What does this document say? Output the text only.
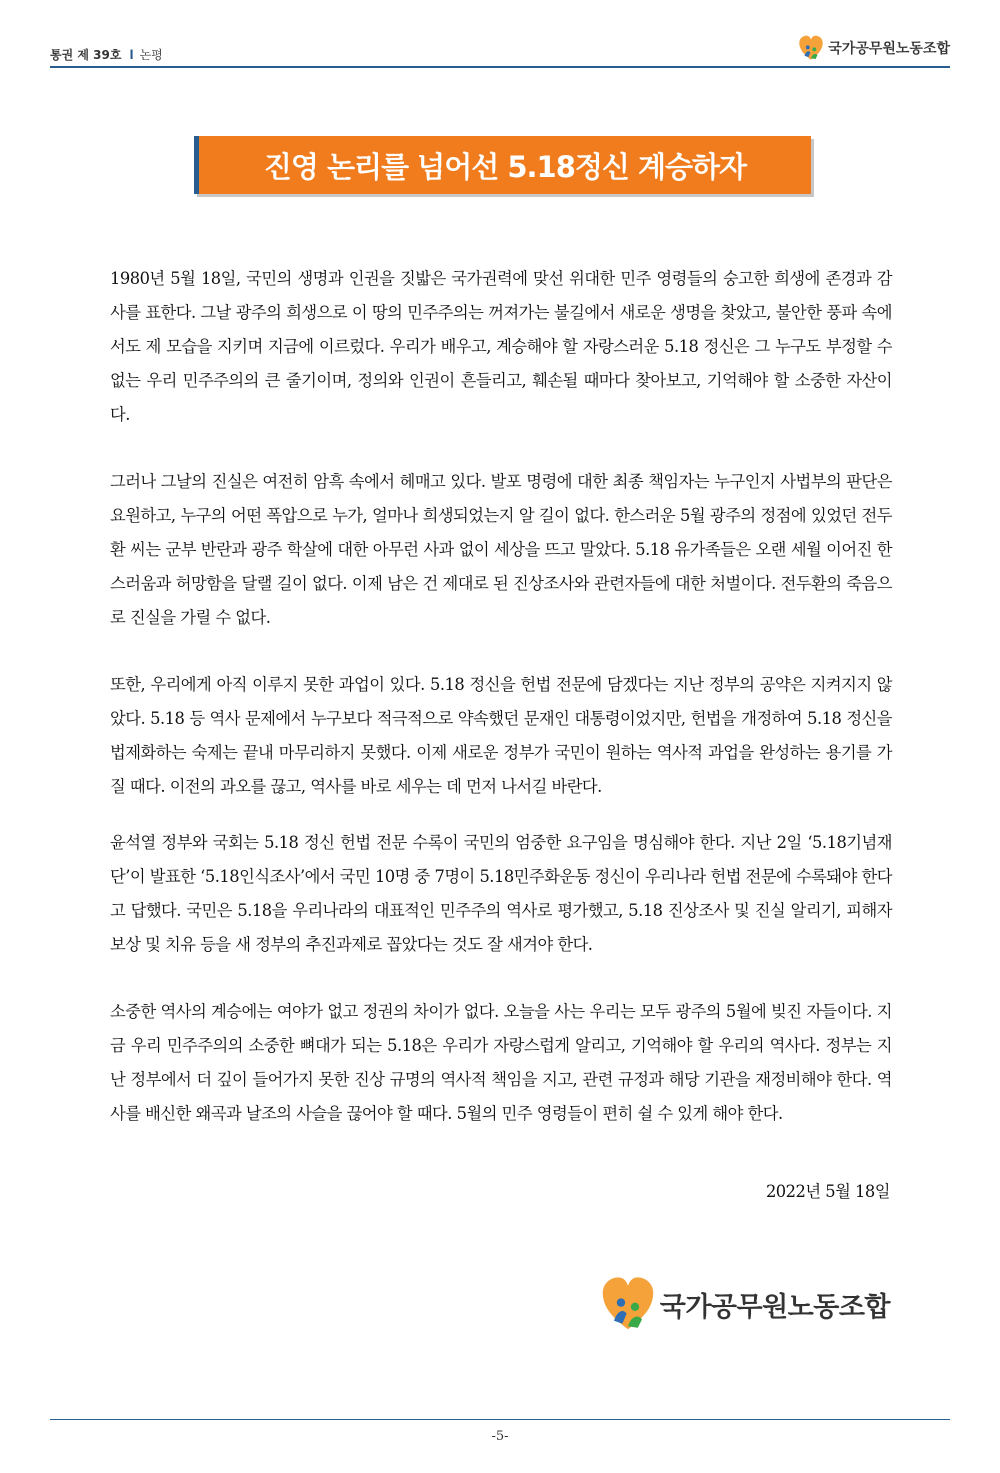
통권 제 39호 l 논평	국가공무원노동조합
진영 논리를 넘어선 5.18정신 계승하자

1980년 5월 18일, 국민의 생명과 인권을 짓밟은 국가권력에 맞선 위대한 민주 영령들의 숭고한 희생에 존경과 감사를 표한다. 그날 광주의 희생으로 이 땅의 민주주의는 꺼져가는 불길에서 새로운 생명을 찾았고, 불안한 풍파 속에서도 제 모습을 지키며 지금에 이르렀다. 우리가 배우고, 계승해야 할 자랑스러운 5.18 정신은 그 누구도 부정할 수 없는 우리 민주주의의 큰 줄기이며, 정의와 인권이 흔들리고, 훼손될 때마다 찾아보고, 기억해야 할 소중한 자산이다.

그러나 그날의 진실은 여전히 암흑 속에서 헤매고 있다. 발포 명령에 대한 최종 책임자는 누구인지 사법부의 판단은 요원하고, 누구의 어떤 폭압으로 누가, 얼마나 희생되었는지 알 길이 없다. 한스러운 5월 광주의 정점에 있었던 전두환 씨는 군부 반란과 광주 학살에 대한 아무런 사과 없이 세상을 뜨고 말았다. 5.18 유가족들은 오랜 세월 이어진 한스러움과 허망함을 달랠 길이 없다. 이제 남은 건 제대로 된 진상조사와 관련자들에 대한 처벌이다. 전두환의 죽음으로 진실을 가릴 수 없다.

또한, 우리에게 아직 이루지 못한 과업이 있다. 5.18 정신을 헌법 전문에 담겠다는 지난 정부의 공약은 지켜지지 않았다. 5.18 등 역사 문제에서 누구보다 적극적으로 약속했던 문재인 대통령이었지만, 헌법을 개정하여 5.18 정신을 법제화하는 숙제는 끝내 마무리하지 못했다. 이제 새로운 정부가 국민이 원하는 역사적 과업을 완성하는 용기를 가질 때다. 이전의 과오를 끊고, 역사를 바로 세우는 데 먼저 나서길 바란다.

윤석열 정부와 국회는 5.18 정신 헌법 전문 수록이 국민의 엄중한 요구임을 명심해야 한다. 지난 2일 ‘5.18기념재단’이 발표한 ‘5.18인식조사’에서 국민 10명 중 7명이 5.18민주화운동 정신이 우리나라 헌법 전문에 수록돼야 한다고 답했다. 국민은 5.18을 우리나라의 대표적인 민주주의 역사로 평가했고, 5.18 진상조사 및 진실 알리기, 피해자 보상 및 치유 등을 새 정부의 추진과제로 꼽았다는 것도 잘 새겨야 한다.

소중한 역사의 계승에는 여야가 없고 정권의 차이가 없다. 오늘을 사는 우리는 모두 광주의 5월에 빚진 자들이다. 지금 우리 민주주의의 소중한 뼈대가 되는 5.18은 우리가 자랑스럽게 알리고, 기억해야 할 우리의 역사다. 정부는 지난 정부에서 더 깊이 들어가지 못한 진상 규명의 역사적 책임을 지고, 관련 규정과 해당 기관을 재정비해야 한다. 역사를 배신한 왜곡과 날조의 사슬을 끊어야 할 때다. 5월의 민주 영령들이 편히 쉴 수 있게 해야 한다.

2022년 5월 18일
국가공무원노동조합
-5-
